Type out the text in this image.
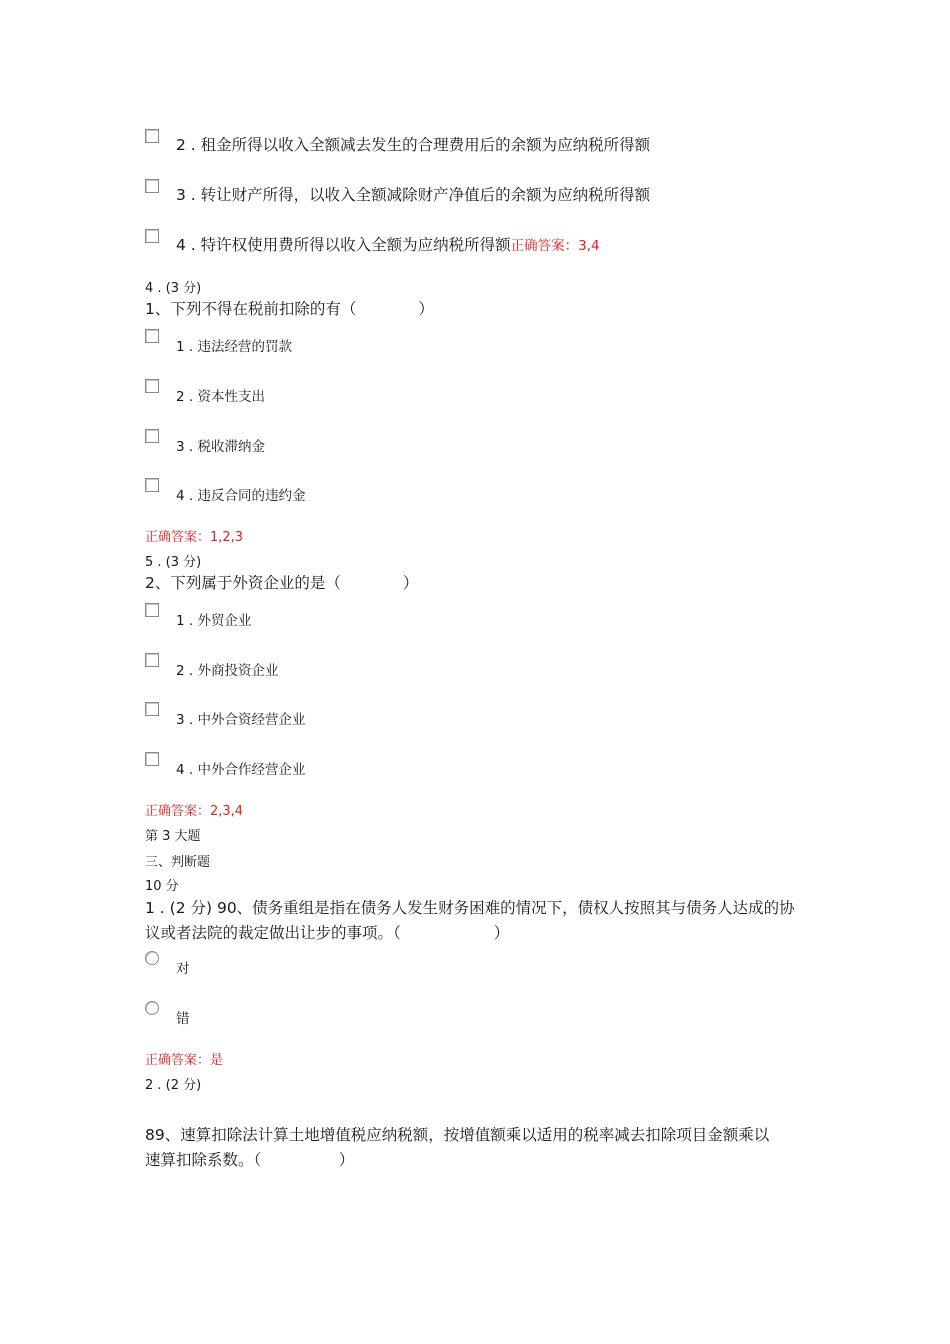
2 . 租金所得以收入全额减去发生的合理费用后的余额为应纳税所得额
3 . 转让财产所得，以收入全额减除财产净值后的余额为应纳税所得额
4 . 特许权使用费所得以收入全额为应纳税所得额正确答案：3,4
4 . (3 分)
1、下列不得在税前扣除的有（　　　　）
1 . 违法经营的罚款
2 . 资本性支出
3 . 税收滞纳金
4 . 违反合同的违约金
正确答案：1,2,3
5 . (3 分)
2、下列属于外资企业的是（　　　　）
1 . 外贸企业
2 . 外商投资企业
3 . 中外合资经营企业
4 . 中外合作经营企业
正确答案：2,3,4
第 3 大题
三、判断题
10 分
1 . (2 分) 90、债务重组是指在债务人发生财务困难的情况下，债权人按照其与债务人达成的协
议或者法院的裁定做出让步的事项。（　　　　　　）
对
错
正确答案：是
2 . (2 分)
89、速算扣除法计算土地增值税应纳税额，按增值额乘以适用的税率减去扣除项目金额乘以
速算扣除系数。（　　　　　）
